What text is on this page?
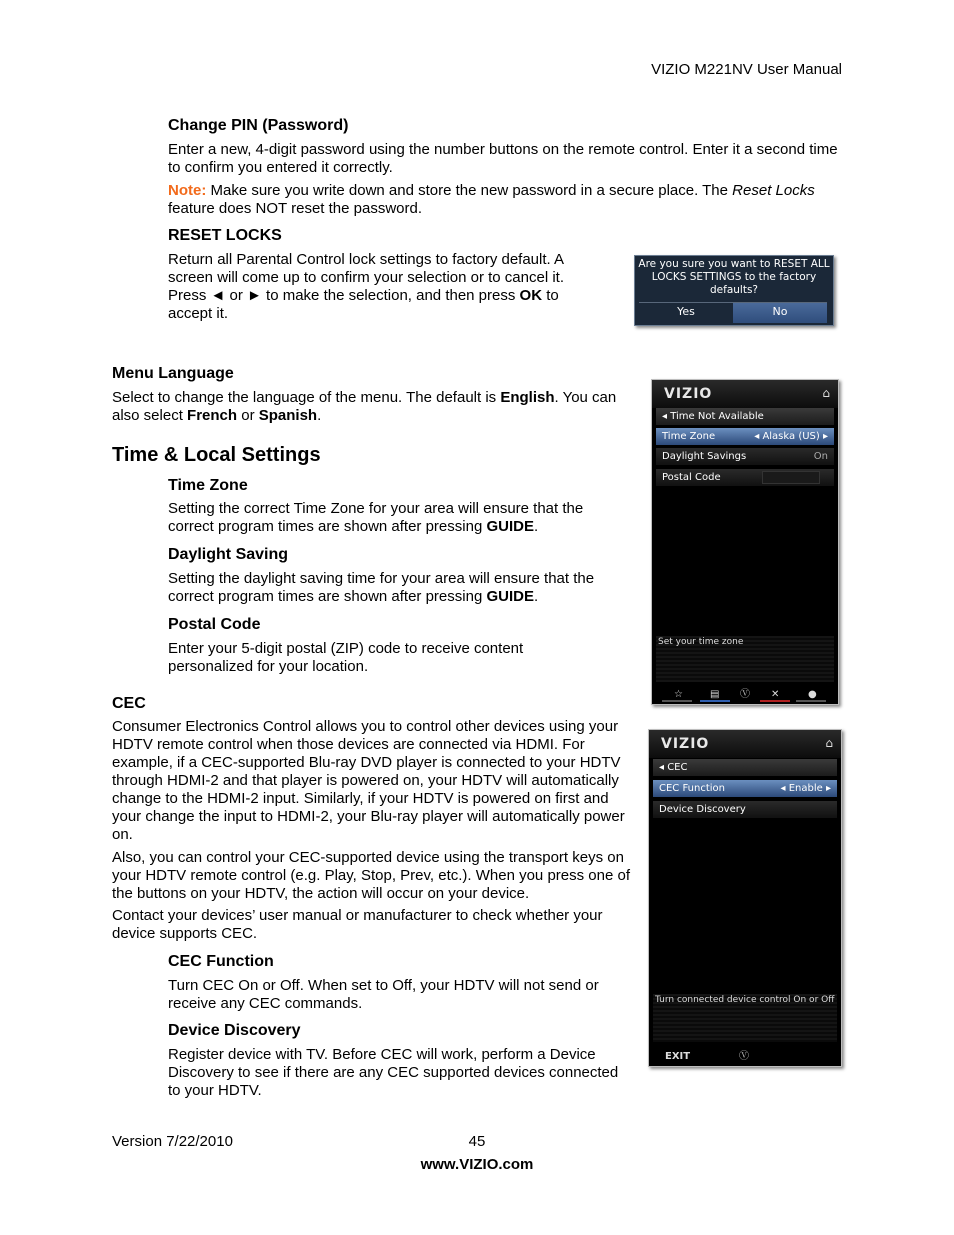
VIZIO M221NV User Manual
Change PIN (Password)

Enter a new, 4-digit password using the number buttons on the remote control. Enter it a second time to confirm you entered it correctly.

Note: Make sure you write down and store the new password in a secure place. The Reset Locks feature does NOT reset the password.

RESET LOCKS

Return all Parental Control lock settings to factory default. A screen will come up to confirm your selection or to cancel it. Press ◄ or ► to make the selection, and then press OK to accept it.

Are you sure you want to RESET ALL LOCKS SETTINGS to the factory defaults?
Yes	No
Menu Language

Select to change the language of the menu. The default is English. You can also select French or Spanish.

Time & Local Settings
Time Zone

Setting the correct Time Zone for your area will ensure that the correct program times are shown after pressing GUIDE.

Daylight Saving

Setting the daylight saving time for your area will ensure that the correct program times are shown after pressing GUIDE.

Postal Code

Enter your 5-digit postal (ZIP) code to receive content personalized for your location.

VIZIO	⌂
◂ Time Not Available
Time Zone	◂ Alaska (US) ▸
Daylight Savings	On
Postal Code
Set your time zone
☆	▤ Ⓥ ✕	●
CEC

Consumer Electronics Control allows you to control other devices using your HDTV remote control when those devices are connected via HDMI. For example, if a CEC-supported Blu-ray DVD player is connected to your HDTV through HDMI-2 and that player is powered on, your HDTV will automatically change to the HDMI-2 input. Similarly, if your HDTV is powered on first and your change the input to HDMI-2, your Blu-ray player will automatically power on.

Also, you can control your CEC-supported device using the transport keys on your HDTV remote control (e.g. Play, Stop, Prev, etc.). When you press one of the buttons on your HDTV, the action will occur on your device.

Contact your devices’ user manual or manufacturer to check whether your device supports CEC.

CEC Function

Turn CEC On or Off. When set to Off, your HDTV will not send or receive any CEC commands.

Device Discovery

Register device with TV. Before CEC will work, perform a Device Discovery to see if there are any CEC supported devices connected to your HDTV.

VIZIO	⌂
◂ CEC
CEC Function	◂ Enable ▸
Device Discovery
Turn connected device control On or Off
EXIT	Ⓥ
Version 7/22/2010	45
www.VIZIO.com
